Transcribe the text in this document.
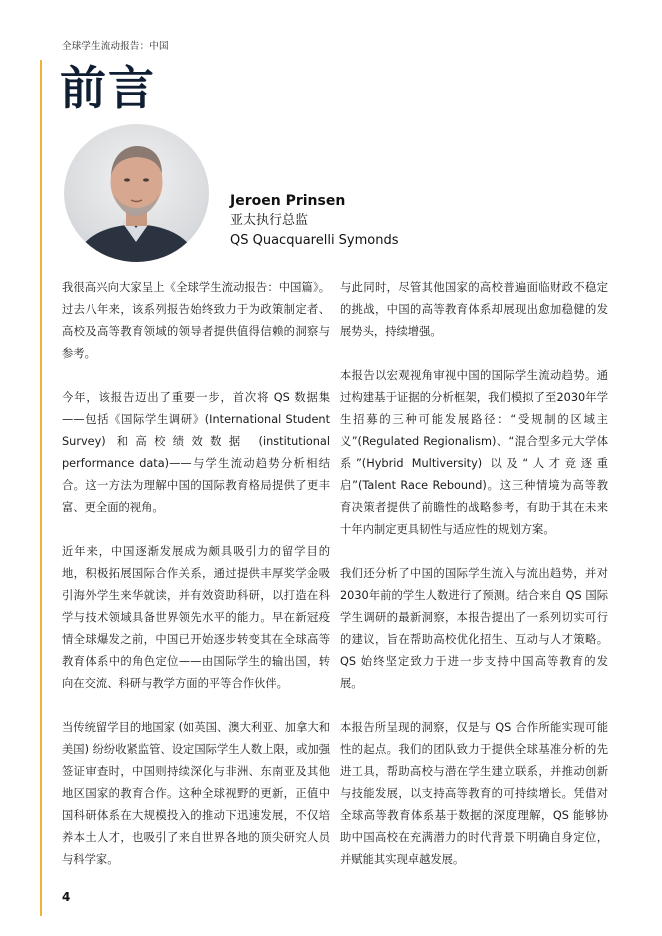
全球学生流动报告：中国
前言
Jeroen Prinsen
亚太执行总监
QS Quacquarelli Symonds

我很高兴向大家呈上《全球学生流动报告：中国篇》。过去八年来，该系列报告始终致力于为政策制定者、高校及高等教育领域的领导者提供值得信赖的洞察与参考。

今年，该报告迈出了重要一步，首次将 QS 数据集——包括《国际学生调研》(International Student Survey) 和高校绩效数据 (institutional performance data)——与学生流动趋势分析相结合。这一方法为理解中国的国际教育格局提供了更丰富、更全面的视角。

近年来，中国逐渐发展成为颇具吸引力的留学目的地，积极拓展国际合作关系，通过提供丰厚奖学金吸引海外学生来华就读，并有效资助科研，以打造在科学与技术领域具备世界领先水平的能力。早在新冠疫情全球爆发之前，中国已开始逐步转变其在全球高等教育体系中的角色定位——由国际学生的输出国，转向在交流、科研与教学方面的平等合作伙伴。

当传统留学目的地国家 (如英国、澳大利亚、加拿大和美国) 纷纷收紧监管、设定国际学生人数上限，或加强签证审查时，中国则持续深化与非洲、东南亚及其他地区国家的教育合作。这种全球视野的更新，正值中国科研体系在大规模投入的推动下迅速发展，不仅培养本土人才，也吸引了来自世界各地的顶尖研究人员与科学家。

与此同时，尽管其他国家的高校普遍面临财政不稳定的挑战，中国的高等教育体系却展现出愈加稳健的发展势头，持续增强。

本报告以宏观视角审视中国的国际学生流动趋势。通过构建基于证据的分析框架，我们模拟了至2030年学生招募的三种可能发展路径：“受规制的区域主义”(Regulated Regionalism)、“混合型多元大学体系”(Hybrid Multiversity) 以及“人才竞逐重启”(Talent Race Rebound)。这三种情境为高等教育决策者提供了前瞻性的战略参考，有助于其在未来十年内制定更具韧性与适应性的规划方案。

我们还分析了中国的国际学生流入与流出趋势，并对2030年前的学生人数进行了预测。结合来自 QS 国际学生调研的最新洞察，本报告提出了一系列切实可行的建议，旨在帮助高校优化招生、互动与人才策略。QS 始终坚定致力于进一步支持中国高等教育的发展。

本报告所呈现的洞察，仅是与 QS 合作所能实现可能性的起点。我们的团队致力于提供全球基准分析的先进工具，帮助高校与潜在学生建立联系，并推动创新与技能发展，以支持高等教育的可持续增长。凭借对全球高等教育体系基于数据的深度理解，QS 能够协助中国高校在充满潜力的时代背景下明确自身定位，并赋能其实现卓越发展。

4
